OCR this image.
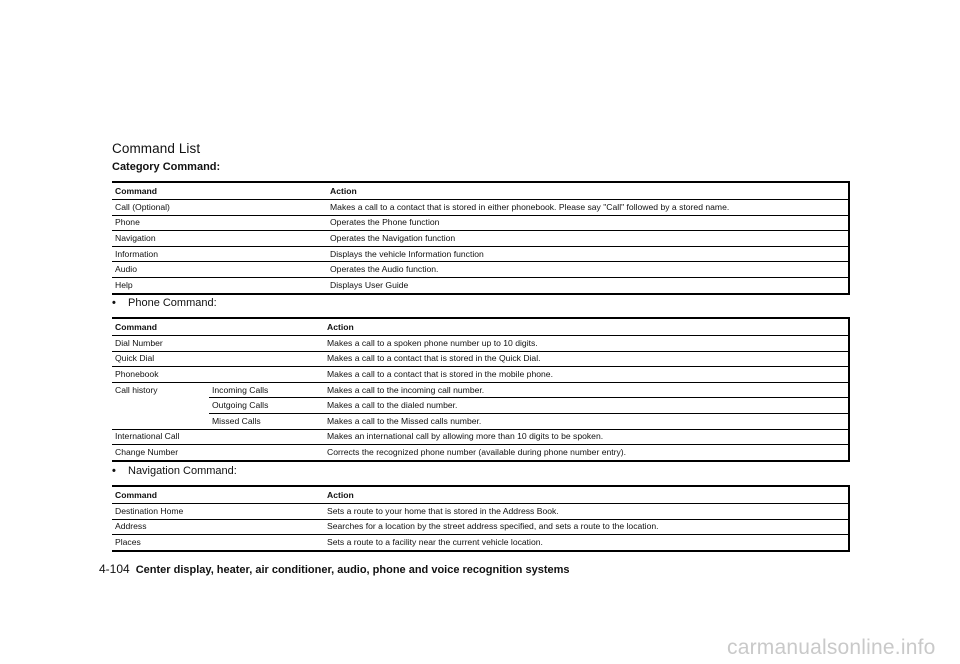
Command List
Category Command:
Command	Action
Call (Optional)	Makes a call to a contact that is stored in either phonebook. Please say "Call" followed by a stored name.
Phone	Operates the Phone function
Navigation	Operates the Navigation function
Information	Displays the vehicle Information function
Audio	Operates the Audio function.
Help	Displays User Guide
• Phone Command:
Command		Action
Dial Number		Makes a call to a spoken phone number up to 10 digits.
Quick Dial		Makes a call to a contact that is stored in the Quick Dial.
Phonebook		Makes a call to a contact that is stored in the mobile phone.
Call history	Incoming Calls	Makes a call to the incoming call number.
	Outgoing Calls	Makes a call to the dialed number.
	Missed Calls	Makes a call to the Missed calls number.
International Call		Makes an international call by allowing more than 10 digits to be spoken.
Change Number		Corrects the recognized phone number (available during phone number entry).
• Navigation Command:
Command	Action
Destination Home	Sets a route to your home that is stored in the Address Book.
Address	Searches for a location by the street address specified, and sets a route to the location.
Places	Sets a route to a facility near the current vehicle location.
4-104 Center display, heater, air conditioner, audio, phone and voice recognition systems
carmanualsonline.info
